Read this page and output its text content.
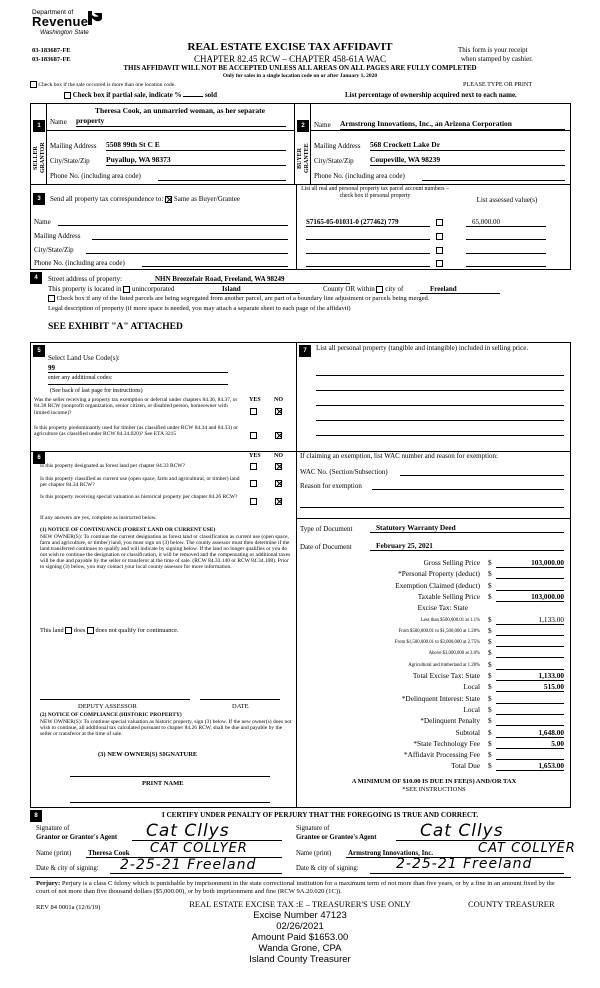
Department of
Revenue
Washington State
03-183687-FE
03-183687-FE
REAL ESTATE EXCISE TAX AFFIDAVIT
CHAPTER 82.45 RCW – CHAPTER 458-61A WAC
THIS AFFIDAVIT WILL NOT BE ACCEPTED UNLESS ALL AREAS ON ALL PAGES ARE FULLY COMPLETED
Only for sales in a single location code on or after January 1, 2020
This form is your receipt
when stamped by cashier.
PLEASE TYPE OR PRINT
Check box if the sale occurred is more than one location code.
Check box if partial sale, indicate %	sold	List percentage of ownership acquired next to each name.
1
SELLER GRANTOR
Name
Theresa Cook, an unmarried woman, as her separate
property
Mailing Address 5508 99th St C E
City/State/Zip Puyallup, WA 98373
Phone No. (including area code)
2
BUYER GRANTEE
Name Armstrong Innovations, Inc., an Arizona Corporation
Mailing Address 568 Crockett Lake Dr
City/State/Zip Coupeville, WA 98239
Phone No. (including area code)
3	Send all property tax correspondence to: Same as Buyer/Grantee
Name
Mailing Address
City/State/Zip
Phone No. (including area code)
List all real and personal property tax parcel account numbers – check box if personal property
List assessed value(s)
S7165-05-01031-0 (277462) 779	65,000.00
4	Street address of property:	NHN Breezefair Road, Freeland, WA 98249
This property is located in unincorporated	Island	County OR within city of	Freeland
Check box if any of the listed parcels are being segregated from another parcel, are part of a boundary line adjustment or parcels being merged.
Legal description of property (if more space is needed, you may attach a separate sheet to each page of the affidavit)
SEE EXHIBIT "A" ATTACHED
5
Select Land Use Code(s):
99
enter any additional codes:
(See back of last page for instructions)
YES NO
Was the seller receiving a property tax exemption or deferral under chapters 84.36, 84.37, or 84.38 RCW (nonprofit organization, senior citizen, or disabled person, homeowner with limited income)?
Is this property predominantly used for timber (as classified under RCW 84.34 and 84.33) or agriculture (as classified under RCW 84.34.020)? See ETA 3215
6	YES NO
Is this property designated as forest land per chapter 84.33 RCW?
Is this property classified as current use (open space, farm and agricultural, or timber) land per chapter 84.34 RCW?
Is this property receiving special valuation as historical property per chapter 84.26 RCW?
If any answers are yes, complete as instructed below.
(1) NOTICE OF CONTINUANCE (FOREST LAND OR CURRENT USE)
NEW OWNER(S): To continue the current designation as forest land or classification as current use (open space, farm and agriculture, or timber) land, you must sign on (3) below. The county assessor must then determine if the land transferred continues to qualify and will indicate by signing below. If the land no longer qualifies or you do not wish to continue the designation or classification, it will be removed and the compensating or additional taxes will be due and payable by the seller or transferor at the time of sale. (RCW 84.33.140 or RCW 84.34.108). Prior to signing (3) below, you may contact your local county assessor for more information.
This land does does not qualify for continuance.
DEPUTY ASSESSOR	DATE
(2) NOTICE OF COMPLIANCE (HISTORIC PROPERTY)
NEW OWNER(S): To continue special valuation as historic property, sign (3) below. If the new owner(s) does not wish to continue, all additional tax calculated pursuant to chapter 84.26 RCW, shall be due and payable by the seller or transferor at the time of sale.
(3) NEW OWNER(S) SIGNATURE
PRINT NAME
7	List all personal property (tangible and intangible) included in selling price.
If claiming an exemption, list WAC number and reason for exemption:
WAC No. (Section/Subsection)
Reason for exemption
Type of Document	Statutory Warranty Deed
Date of Document	February 25, 2021
Gross Selling Price $	103,000.00
*Personal Property (deduct) $
Exemption Claimed (deduct) $
Taxable Selling Price $	103,000.00
Excise Tax: State
Less than $500,000.01 at 1.1% $	1,133.00
From $500,000.01 to $1,500,000 at 1.28% $
From $1,500,000.01 to $3,000,000 at 2.75% $
Above $3,000,000 at 3.0% $
Agricultural and timberland at 1.28% $
Total Excise Tax: State $	1,133.00
Local $	515.00
*Delinquent Interest: State $
Local $
*Delinquent Penalty $
Subtotal $	1,648.00
*State Technology Fee $	5.00
*Affidavit Processing Fee $
Total Due $	1,653.00
A MINIMUM OF $10.00 IS DUE IN FEE(S) AND/OR TAX
*SEE INSTRUCTIONS
8	I CERTIFY UNDER PENALTY OF PERJURY THAT THE FOREGOING IS TRUE AND CORRECT.
Signature of
Grantor or Grantor's Agent Cat Cllys
Name (print) Theresa Cook	CAT COLLYER
Date & city of signing: 2-25-21 Freeland
Signature of
Grantee or Grantee's Agent	Cat Cllys
Name (print) Armstrong Innovations, Inc.	CAT COLLYER
Date & city of signing:	2-25-21 Freeland
Perjury: Perjury is a class C felony which is punishable by imprisonment in the state correctional institution for a maximum term of not more than five years, or by a fine in an amount fixed by the court of not more than five thousand dollars ($5,000.00), or by both imprisonment and fine (RCW 9A.20.020 (1C)).
REV 84 0001a (12/6/19)	REAL ESTATE EXCISE TAX :E – TREASURER'S USE ONLY	COUNTY TREASURER
Excise Number 47123
02/26/2021
Amount Paid $1653.00
Wanda Grone, CPA
Island County Treasurer
